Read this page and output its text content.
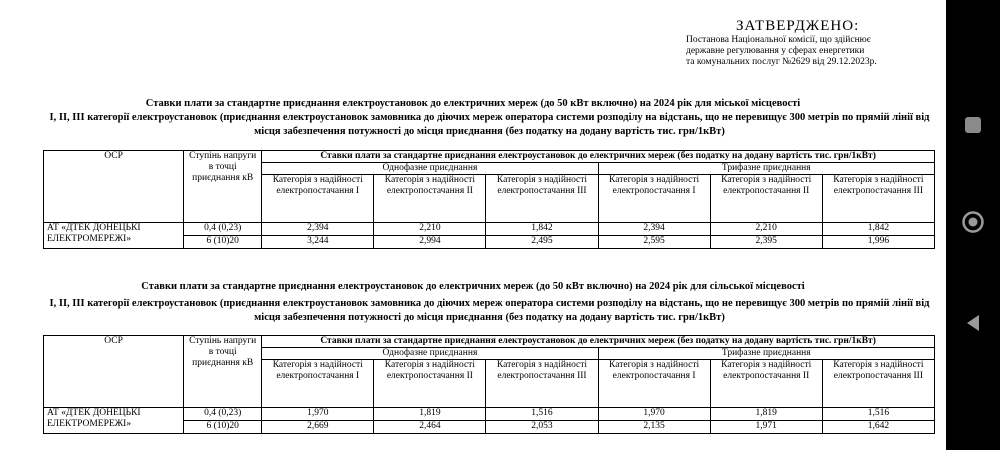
ЗАТВЕРДЖЕНО:
Постанова Національної комісії, що здійснює
державне регулювання у сферах енергетики
та комунальних послуг №2629 від 29.12.2023р.
Ставки плати за стандартне приєднання електроустановок до електричних мереж (до 50 кВт включно) на 2024 рік для міської місцевості
I, II, III категорії електроустановок (приєднання електроустановок замовника до діючих мереж оператора системи розподілу на відстань, що не перевищує 300 метрів по прямій лінії від місця забезпечення потужності до місця приєднання (без податку на додану вартість тис. грн/1кВт)
ОСР	Ступінь напруги в точці приєднання кВ	Ставки плати за стандартне приєднання електроустановок до електричних мереж (без податку на додану вартість тис. грн/1кВт)					
		Однофазне приєднання			Трифазне приєднання		
		Категорія з надійності електропостачання I	Категорія з надійності електропостачання II	Категорія з надійності електропостачання III	Категорія з надійності електропостачання I	Категорія з надійності електропостачання II	Категорія з надійності електропостачання III
АТ «ДТЕК ДОНЕЦЬКІ ЕЛЕКТРОМЕРЕЖІ»	0,4 (0,23)	2,394	2,210	1,842	2,394	2,210	1,842
	6 (10)20	3,244	2,994	2,495	2,595	2,395	1,996
Ставки плати за стандартне приєднання електроустановок до електричних мереж (до 50 кВт включно) на 2024 рік для сільської місцевості
I, II, III категорії електроустановок (приєднання електроустановок замовника до діючих мереж оператора системи розподілу на відстань, що не перевищує 300 метрів по прямій лінії від місця забезпечення потужності до місця приєднання (без податку на додану вартість тис. грн/1кВт)
ОСР	Ступінь напруги в точці приєднання кВ	Ставки плати за стандартне приєднання електроустановок до електричних мереж (без податку на додану вартість тис. грн/1кВт)					
		Однофазне приєднання			Трифазне приєднання		
		Категорія з надійності електропостачання I	Категорія з надійності електропостачання II	Категорія з надійності електропостачання III	Категорія з надійності електропостачання I	Категорія з надійності електропостачання II	Категорія з надійності електропостачання III
АТ «ДТЕК ДОНЕЦЬКІ ЕЛЕКТРОМЕРЕЖІ»	0,4 (0,23)	1,970	1,819	1,516	1,970	1,819	1,516
	6 (10)20	2,669	2,464	2,053	2,135	1,971	1,642
